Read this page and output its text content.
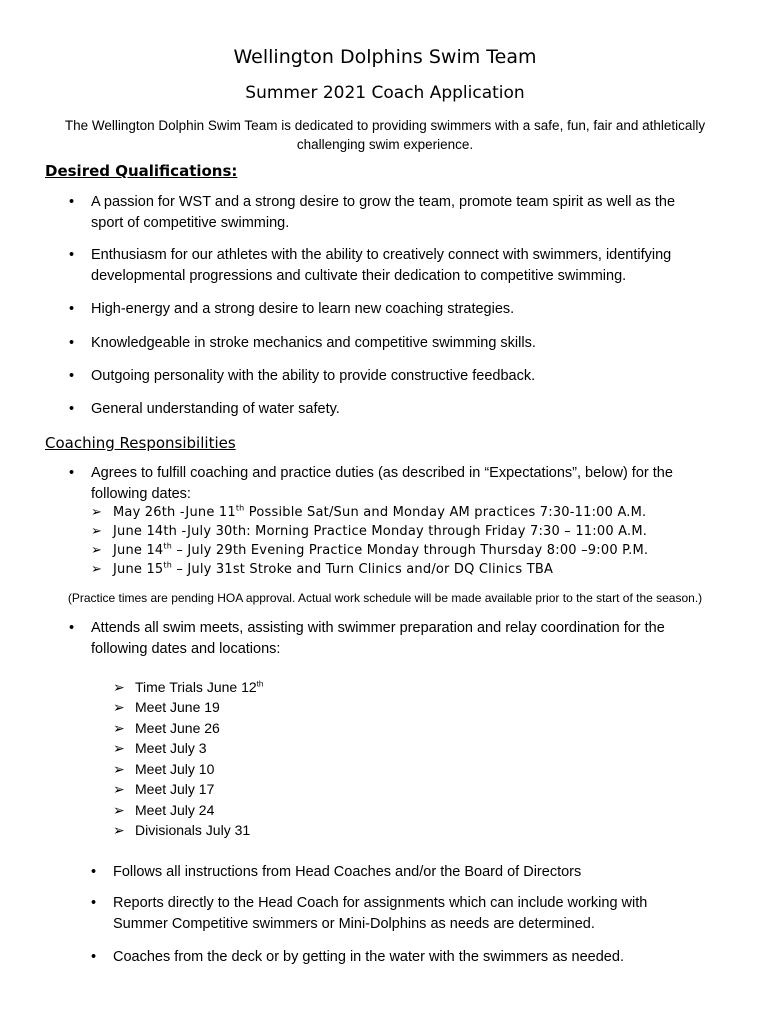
Wellington Dolphins Swim Team
Summer 2021 Coach Application
The Wellington Dolphin Swim Team is dedicated to providing swimmers with a safe, fun, fair and athletically challenging swim experience.
Desired Qualifications:
• A passion for WST and a strong desire to grow the team, promote team spirit as well as the sport of competitive swimming.
• Enthusiasm for our athletes with the ability to creatively connect with swimmers, identifying developmental progressions and cultivate their dedication to competitive swimming.
• High-energy and a strong desire to learn new coaching strategies.
• Knowledgeable in stroke mechanics and competitive swimming skills.
• Outgoing personality with the ability to provide constructive feedback.
• General understanding of water safety.
Coaching Responsibilities
• Agrees to fulfill coaching and practice duties (as described in “Expectations”, below) for the following dates:
➢ May 26th -June 11th Possible Sat/Sun and Monday AM practices 7:30-11:00 A.M.
➢ June 14th -July 30th: Morning Practice Monday through Friday 7:30 – 11:00 A.M.
➢ June 14th – July 29th Evening Practice Monday through Thursday 8:00 –9:00 P.M.
➢ June 15th – July 31st Stroke and Turn Clinics and/or DQ Clinics TBA
(Practice times are pending HOA approval. Actual work schedule will be made available prior to the start of the season.)
• Attends all swim meets, assisting with swimmer preparation and relay coordination for the following dates and locations:
➢ Time Trials June 12th
➢ Meet June 19
➢ Meet June 26
➢ Meet July 3
➢ Meet July 10
➢ Meet July 17
➢ Meet July 24
➢ Divisionals July 31
• Follows all instructions from Head Coaches and/or the Board of Directors
• Reports directly to the Head Coach for assignments which can include working with Summer Competitive swimmers or Mini-Dolphins as needs are determined.
• Coaches from the deck or by getting in the water with the swimmers as needed.
